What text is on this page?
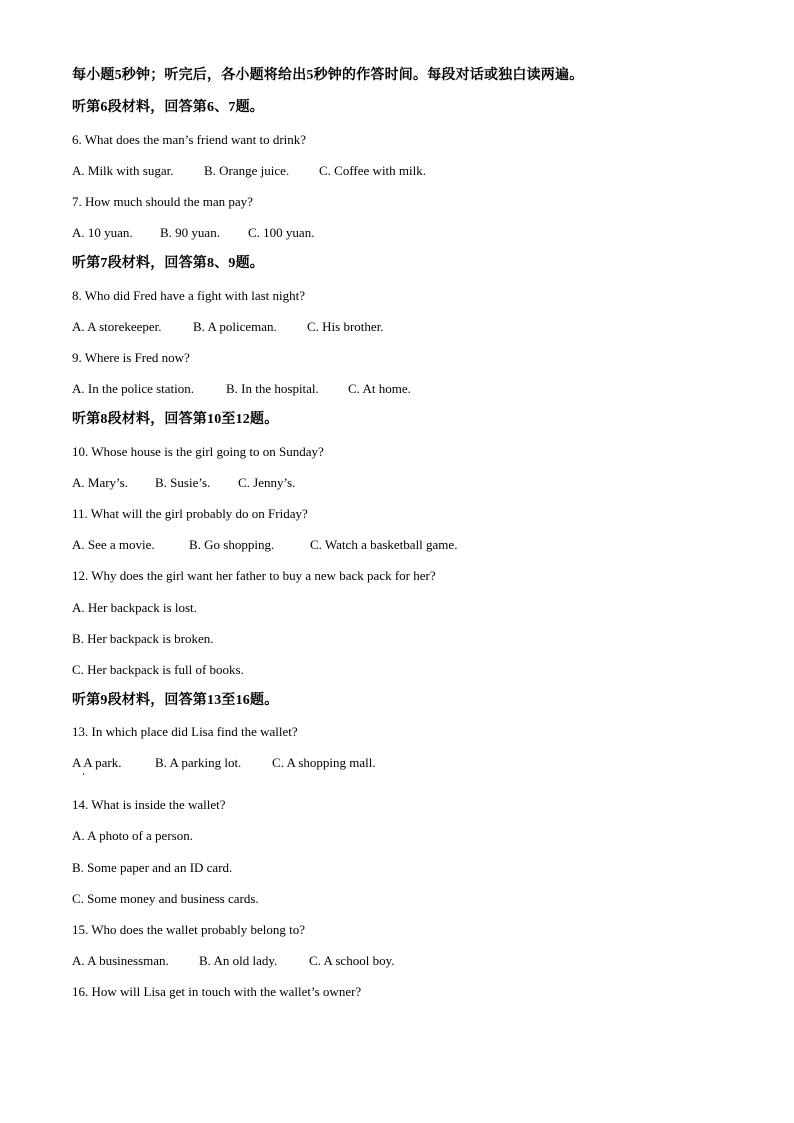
每小题5秒钟；听完后，各小题将给出5秒钟的作答时间。每段对话或独白读两遍。
听第6段材料，回答第6、7题。
6. What does the man’s friend want to drink?
A. Milk with sugar. B. Orange juice. C. Coffee with milk.
7. How much should the man pay?
A. 10 yuan. B. 90 yuan. C. 100 yuan.
听第7段材料，回答第8、9题。
8. Who did Fred have a fight with last night?
A. A storekeeper. B. A policeman. C. His brother.
9. Where is Fred now?
A. In the police station. B. In the hospital. C. At home.
听第8段材料，回答第10至12题。
10. Whose house is the girl going to on Sunday?
A. Mary’s. B. Susie’s. C. Jenny’s.
11. What will the girl probably do on Friday?
A. See a movie.	B. Go shopping.	C. Watch a basketball game.
12. Why does the girl want her father to buy a new back pack for her?
A. Her backpack is lost.
B. Her backpack is broken.
C. Her backpack is full of books.
听第9段材料，回答第13至16题。
13. In which place did Lisa find the wallet?
A A park.	B. A parking lot. C. A shopping mall.
14. What is inside the wallet?
A. A photo of a person.
B. Some paper and an ID card.
C. Some money and business cards.
15. Who does the wallet probably belong to?
A. A businessman. B. An old lady. C. A school boy.
16. How will Lisa get in touch with the wallet’s owner?
